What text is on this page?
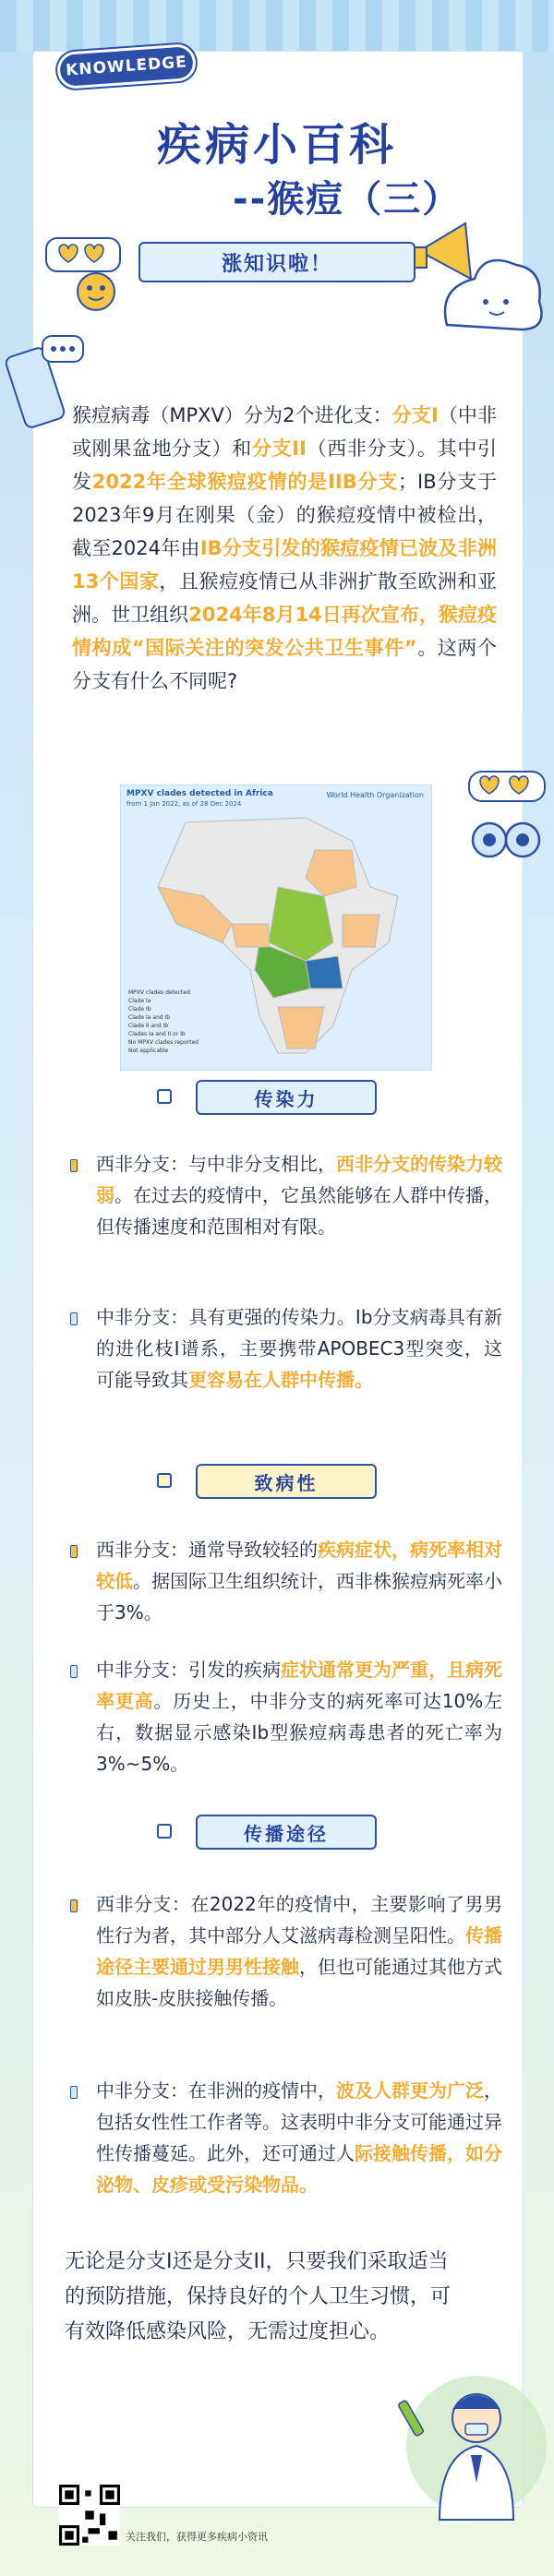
KNOWLEDGE
疾病小百科
--猴痘（三）
涨知识啦！
猴痘病毒（MPXV）分为2个进化支：分支I（中非或刚果盆地分支）和分支II（西非分支）。其中引发2022年全球猴痘疫情的是IIB分支；IB分支于2023年9月在刚果（金）的猴痘疫情中被检出，截至2024年由IB分支引发的猴痘疫情已波及非洲13个国家，且猴痘疫情已从非洲扩散至欧洲和亚洲。世卫组织2024年8月14日再次宣布，猴痘疫情构成“国际关注的突发公共卫生事件”。这两个分支有什么不同呢?
MPXV clades detected in Africa
from 1 Jan 2022, as of 28 Dec 2024
World Health Organization
MPXV clades detected
Clade Ia
Clade Ib
Clade Ia and Ib
Clade II and Ib
Clades Ia and II or Ib
No MPXV clades reported
Not applicable
传染力
西非分支：与中非分支相比，西非分支的传染力较弱。在过去的疫情中，它虽然能够在人群中传播，但传播速度和范围相对有限。
中非分支：具有更强的传染力。Ib分支病毒具有新的进化枝I谱系，主要携带APOBEC3型突变，这可能导致其更容易在人群中传播。
致病性
西非分支：通常导致较轻的疾病症状，病死率相对较低。据国际卫生组织统计，西非株猴痘病死率小于3%。
中非分支：引发的疾病症状通常更为严重，且病死率更高。历史上，中非分支的病死率可达10%左右，数据显示感染Ib型猴痘病毒患者的死亡率为3%~5%。
传播途径
西非分支：在2022年的疫情中，主要影响了男男性行为者，其中部分人艾滋病毒检测呈阳性。传播途径主要通过男男性接触，但也可能通过其他方式如皮肤-皮肤接触传播。
中非分支：在非洲的疫情中，波及人群更为广泛，包括女性性工作者等。这表明中非分支可能通过异性传播蔓延。此外，还可通过人际接触传播，如分泌物、皮疹或受污染物品。
无论是分支I还是分支II，只要我们采取适当的预防措施，保持良好的个人卫生习惯，可有效降低感染风险，无需过度担心。
关注我们，获得更多疾病小资讯
